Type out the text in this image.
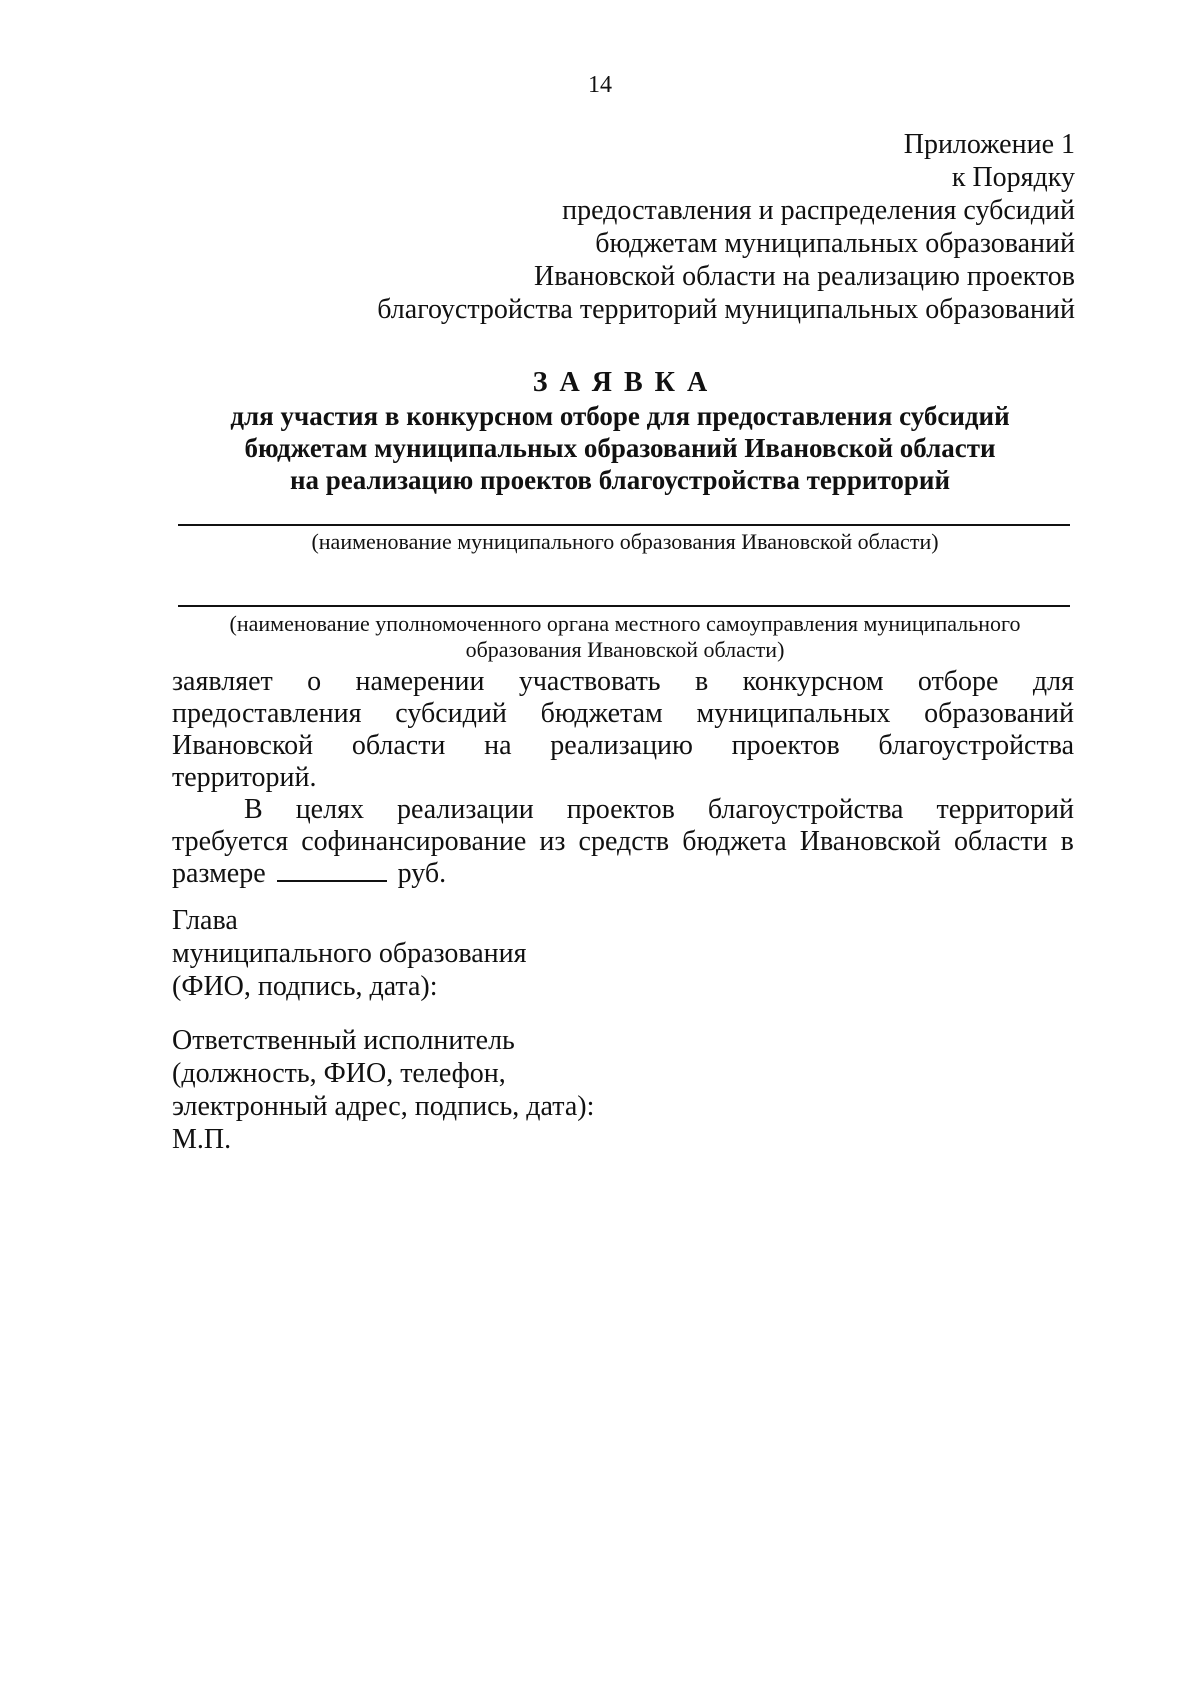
14
Приложение 1
к Порядку
предоставления и распределения субсидий
бюджетам муниципальных образований
Ивановской области на реализацию проектов
благоустройства территорий муниципальных образований
ЗАЯВКА
для участия в конкурсном отборе для предоставления субсидий
бюджетам муниципальных образований Ивановской области
на реализацию проектов благоустройства территорий
(наименование муниципального образования Ивановской области)
(наименование уполномоченного органа местного самоуправления муниципального
образования Ивановской области)
заявляет о намерении участвовать в конкурсном отборе для
предоставления субсидий бюджетам муниципальных образований
Ивановской области на реализацию проектов благоустройства
территорий.
В целях реализации проектов благоустройства территорий
требуется софинансирование из средств бюджета Ивановской области в
размере	руб.
Глава
муниципального образования
(ФИО, подпись, дата):
Ответственный исполнитель
(должность, ФИО, телефон,
электронный адрес, подпись, дата):
М.П.
